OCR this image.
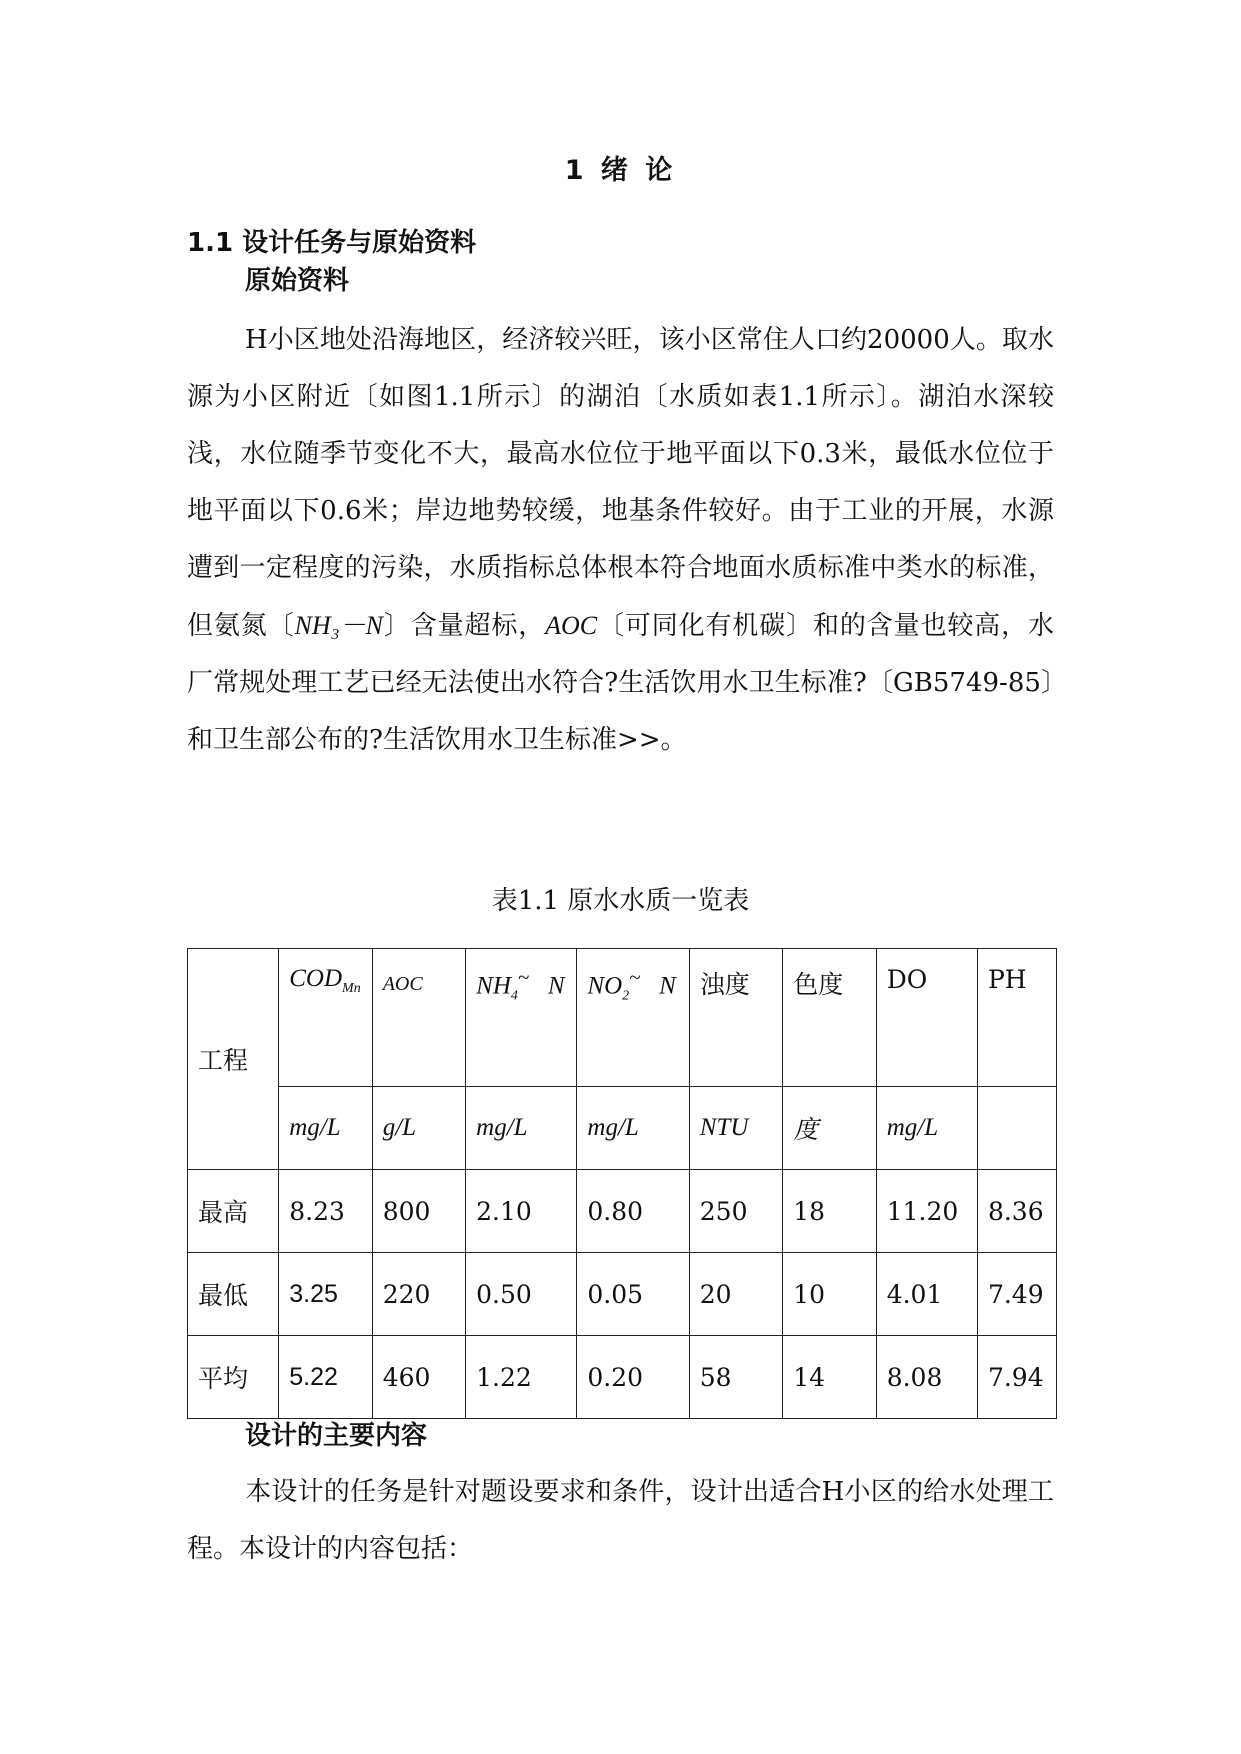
1 绪 论
1.1 设计任务与原始资料
原始资料

H小区地处沿海地区，经济较兴旺，该小区常住人口约20000人。取水源为小区附近〔如图1.1所示〕的湖泊〔水质如表1.1所示〕。湖泊水深较浅，水位随季节变化不大，最高水位位于地平面以下0.3米，最低水位位于地平面以下0.6米；岸边地势较缓，地基条件较好。由于工业的开展，水源遭到一定程度的污染，水质指标总体根本符合地面水质标准中类水的标准，但氨氮〔NH₃－N〕含量超标，AOC〔可同化有机碳〕和的含量也较高，水厂常规处理工艺已经无法使出水符合?生活饮用水卫生标准?〔GB5749-85〕和卫生部公布的?生活饮用水卫生标准>>。

表1.1 原水水质一览表
工程	$COD_{Mn}$	AOC	$NH_4^\sim$   N	$NO_2^\sim$   N	浊度	色度	DO	PH
	mg/L	g/L	mg/L	mg/L	NTU	度	mg/L	
最高	8.23	800	2.10	0.80	250	18	11.20	8.36
最低	3.25	220	0.50	0.05	20	10	4.01	7.49
平均	5.22	460	1.22	0.20	58	14	8.08	7.94
设计的主要内容

本设计的任务是针对题设要求和条件，设计出适合H小区的给水处理工程。本设计的内容包括：
